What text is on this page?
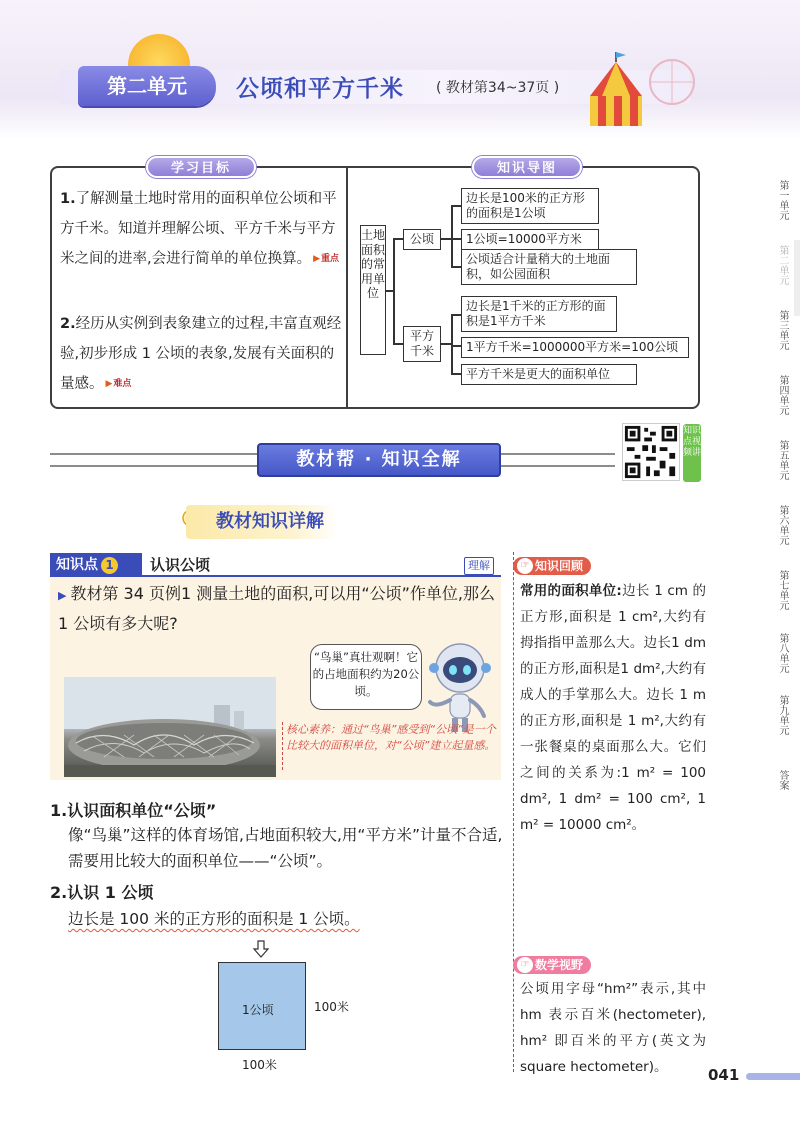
第二单元	公顷和平方千米 ( 教材第34~37页 )
第一单元
第二单元
第三单元
第四单元
第五单元
第六单元
第七单元
第八单元
第九单元
答案
学习目标	知识导图
1.了解测量土地时常用的面积单位公顷和平方千米。知道并理解公顷、平方千米与平方米之间的进率,会进行简单的单位换算。 ▶ 重点
2.经历从实例到表象建立的过程,丰富直观经验,初步形成 1 公顷的表象,发展有关面积的量感。 ▶ 难点
土地面积的常用单位
公顷
平方千米
边长是100米的正方形的面积是1公顷
1公顷=10000平方米
公顷适合计量稍大的土地面积，如公园面积
边长是1千米的正方形的面积是1平方千米
1平方千米=1000000平方米=100公顷
平方千米是更大的面积单位
教材帮 · 知识全解
知识点视频讲
教材知识详解
知识点 1	认识公顷	理解
▶ 教材第 34 页例1 测量土地的面积,可以用“公顷”作单位,那么 1 公顷有多大呢?
“鸟巢”真壮观啊！它的占地面积约为20公顷。
核心素养：通过“鸟巢”感受到“公顷”是一个比较大的面积单位，对“公顷”建立起量感。
1.认识面积单位“公顷”
像“鸟巢”这样的体育场馆,占地面积较大,用“平方米”计量不合适,需要用比较大的面积单位——“公顷”。
2.认识 1 公顷
边长是 100 米的正方形的面积是 1 公顷。
1公顷	100米
100米
☞ 知识回顾
常用的面积单位:边长 1 cm 的正方形,面积是 1 cm²,大约有拇指指甲盖那么大。边长1 dm的正方形,面积是1 dm²,大约有成人的手掌那么大。边长 1 m 的正方形,面积是 1 m²,大约有一张餐桌的桌面那么大。它们之间的关系为:1 m² = 100 dm², 1 dm² = 100 cm², 1 m² = 10000 cm²。
☞ 数学视野
公顷用字母“hm²”表示,其中 hm 表示百米(hectometer), hm² 即百米的平方(英文为 square hectometer)。	041
